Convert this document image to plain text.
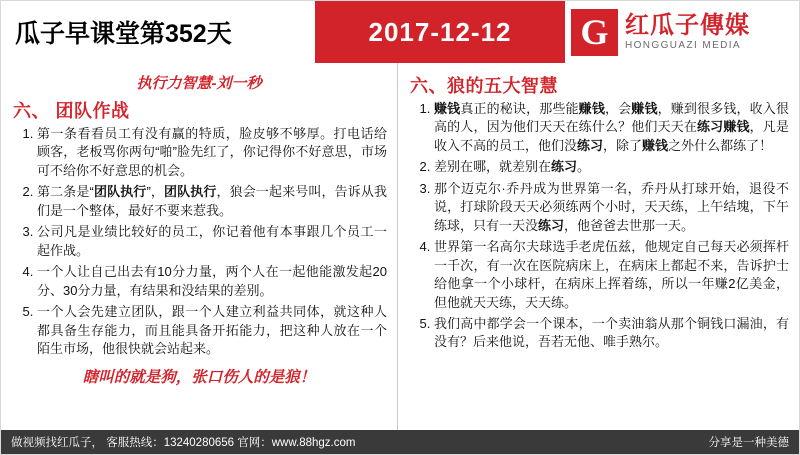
瓜子早课堂第352天	2017-12-12 G 红瓜子傳媒
HONGGUAZI MEDIA
执行力智慧-刘一秒
六、 团队作战
1. 第一条看看员工有没有赢的特质，脸皮够不够厚。打电话给顾客，老板骂你两句“啪”脸先红了，你记得你不好意思，市场可不给你不好意思的机会。
2. 第二条是“团队执行”，团队执行，狼会一起来号叫，告诉从我们是一个整体，最好不要来惹我。
3. 公司凡是业绩比较好的员工，你记着他有本事跟几个员工一起作战。
4. 一个人让自己出去有10分力量，两个人在一起他能激发起20分、30分力量，有结果和没结果的差别。
5. 一个人会先建立团队，跟一个人建立利益共同体，就这种人都具备生存能力，而且能具备开拓能力，把这种人放在一个陌生市场，他很快就会站起来。
瞎叫的就是狗，张口伤人的是狼！
六、狼的五大智慧
1. 赚钱真正的秘诀，那些能赚钱，会赚钱，赚到很多钱，收入很高的人，因为他们天天在练什么？他们天天在练习赚钱，凡是收入不高的员工，他们没练习，除了赚钱之外什么都练了！
2. 差别在哪，就差别在练习。
3. 那个迈克尔·乔丹成为世界第一名，乔丹从打球开始，退役不说，打球阶段天天必须练两个小时，天天练，上午结塊，下午练球，只有一天没练习，他爸爸去世那一天。
4. 世界第一名高尔夫球选手老虎伍兹，他规定自己每天必须挥杆一千次，有一次在医院病床上，在病床上都起不来，告诉护士给他拿一个小球杆，在病床上挥着练，所以一年赚2亿美金，但他就天天练，天天练。
5. 我们高中都学会一个课本，一个卖油翁从那个铜钱口漏油，有没有？后来他说，吾若无他、唯手熟尔。
做视频找红瓜子， 客服热线：13240280656 官网：www.88hgz.com	分享是一种美德
